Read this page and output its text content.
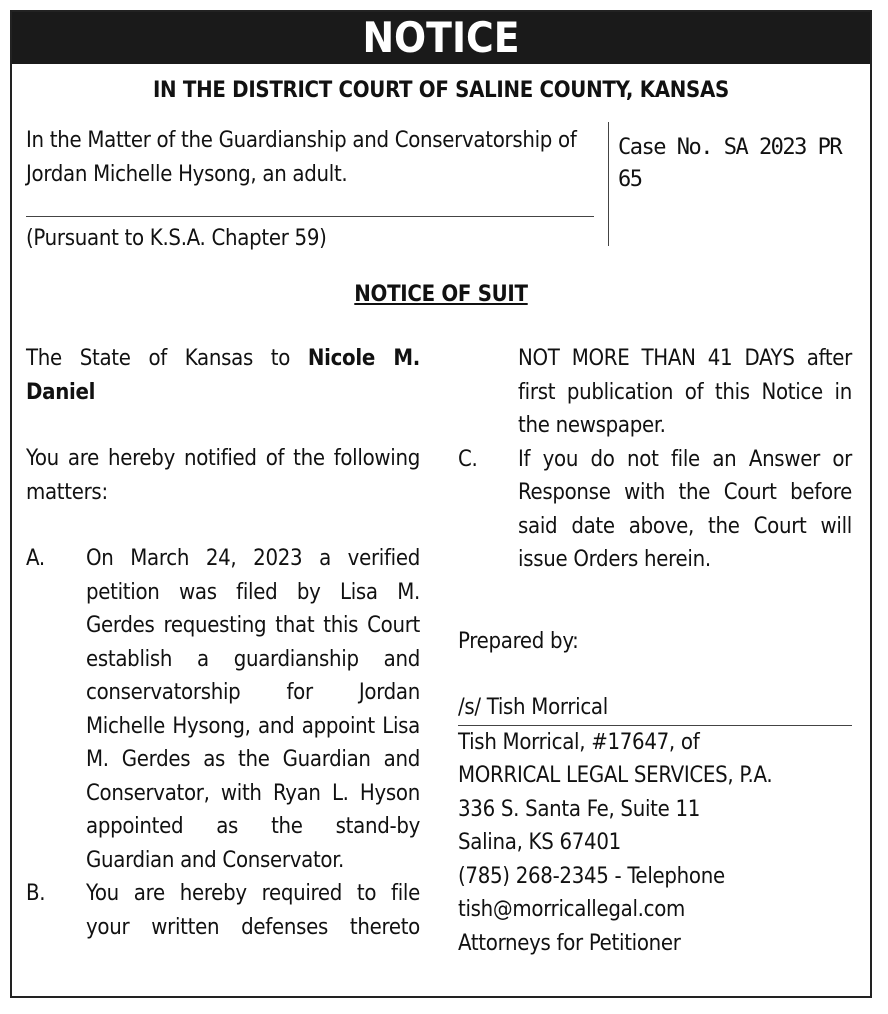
NOTICE
IN THE DISTRICT COURT OF SALINE COUNTY, KANSAS
In the Matter of the Guardianship and Conservatorship of Jordan Michelle Hysong, an adult.
(Pursuant to K.S.A. Chapter 59)
Case No. SA 2023 PR 65
NOTICE OF SUIT

The State of Kansas to Nicole M. Daniel

You are hereby notified of the following matters:

A.	On March 24, 2023 a verified petition was filed by Lisa M. Gerdes requesting that this Court establish a guardianship and conservatorship for Jordan Michelle Hysong, and appoint Lisa M. Gerdes as the Guardian and Conservator, with Ryan L. Hyson appointed as the stand-by Guardian and Conservator.
B.	You are hereby required to file your written defenses thereto
NOT MORE THAN 41 DAYS after first publication of this Notice in the newspaper.
C.	If you do not file an Answer or Response with the Court before said date above, the Court will issue Orders herein.

Prepared by:

/s/ Tish Morrical

Tish Morrical, #17647, of
MORRICAL LEGAL SERVICES, P.A.
336 S. Santa Fe, Suite 11
Salina, KS 67401
(785) 268-2345 - Telephone
tish@morricallegal.com
Attorneys for Petitioner
